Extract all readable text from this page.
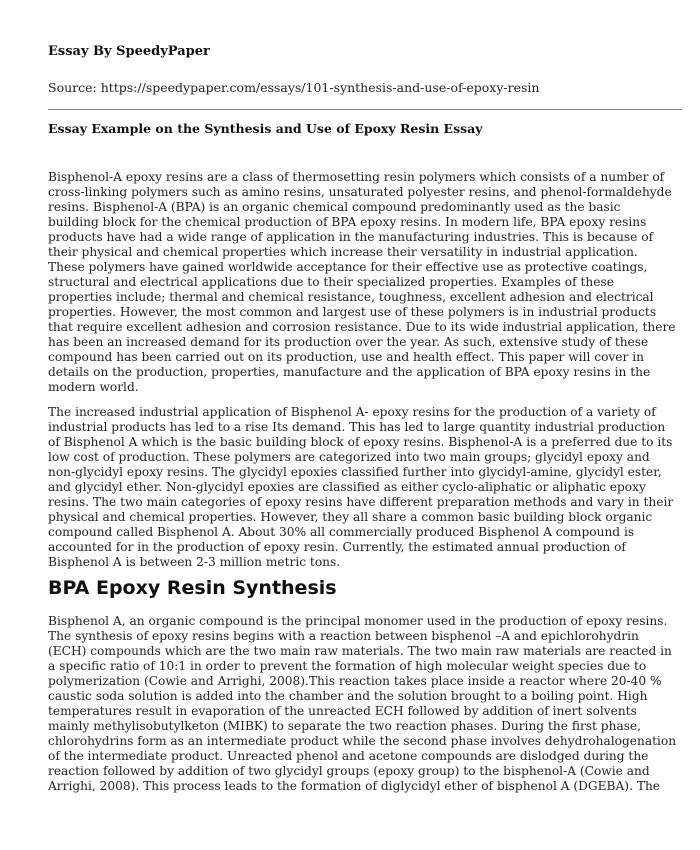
Essay By SpeedyPaper
Source: https://speedypaper.com/essays/101-synthesis-and-use-of-epoxy-resin
Essay Example on the Synthesis and Use of Epoxy Resin Essay

Bisphenol-A epoxy resins are a class of thermosetting resin polymers which consists of a number of
cross-linking polymers such as amino resins, unsaturated polyester resins, and phenol-formaldehyde
resins. Bisphenol-A (BPA) is an organic chemical compound predominantly used as the basic
building block for the chemical production of BPA epoxy resins. In modern life, BPA epoxy resins
products have had a wide range of application in the manufacturing industries. This is because of
their physical and chemical properties which increase their versatility in industrial application.
These polymers have gained worldwide acceptance for their effective use as protective coatings,
structural and electrical applications due to their specialized properties. Examples of these
properties include; thermal and chemical resistance, toughness, excellent adhesion and electrical
properties. However, the most common and largest use of these polymers is in industrial products
that require excellent adhesion and corrosion resistance. Due to its wide industrial application, there
has been an increased demand for its production over the year. As such, extensive study of these
compound has been carried out on its production, use and health effect. This paper will cover in
details on the production, properties, manufacture and the application of BPA epoxy resins in the
modern world.

The increased industrial application of Bisphenol A- epoxy resins for the production of a variety of
industrial products has led to a rise Its demand. This has led to large quantity industrial production
of Bisphenol A which is the basic building block of epoxy resins. Bisphenol-A is a preferred due to its
low cost of production. These polymers are categorized into two main groups; glycidyl epoxy and
non-glycidyl epoxy resins. The glycidyl epoxies classified further into glycidyl-amine, glycidyl ester,
and glycidyl ether. Non-glycidyl epoxies are classified as either cyclo-aliphatic or aliphatic epoxy
resins. The two main categories of epoxy resins have different preparation methods and vary in their
physical and chemical properties. However, they all share a common basic building block organic
compound called Bisphenol A. About 30% all commercially produced Bisphenol A compound is
accounted for in the production of epoxy resin. Currently, the estimated annual production of
Bisphenol A is between 2-3 million metric tons.

BPA Epoxy Resin Synthesis

Bisphenol A, an organic compound is the principal monomer used in the production of epoxy resins.
The synthesis of epoxy resins begins with a reaction between bisphenol –A and epichlorohydrin
(ECH) compounds which are the two main raw materials. The two main raw materials are reacted in
a specific ratio of 10:1 in order to prevent the formation of high molecular weight species due to
polymerization (Cowie and Arrighi, 2008).This reaction takes place inside a reactor where 20-40 %
caustic soda solution is added into the chamber and the solution brought to a boiling point. High
temperatures result in evaporation of the unreacted ECH followed by addition of inert solvents
mainly methylisobutylketon (MIBK) to separate the two reaction phases. During the first phase,
chlorohydrins form as an intermediate product while the second phase involves dehydrohalogenation
of the intermediate product. Unreacted phenol and acetone compounds are dislodged during the
reaction followed by addition of two glycidyl groups (epoxy group) to the bisphenol-A (Cowie and
Arrighi, 2008). This process leads to the formation of diglycidyl ether of bisphenol A (DGEBA). The
